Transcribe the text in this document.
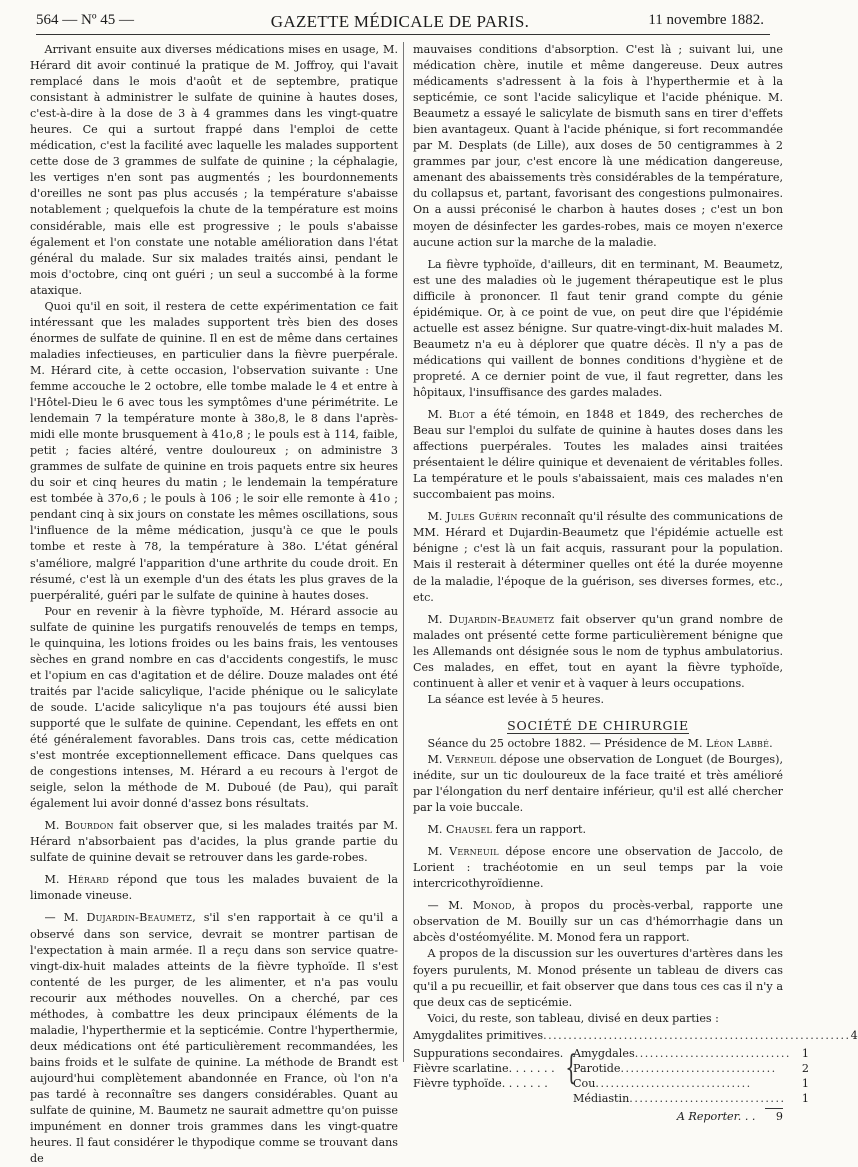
564 — Nº 45 —	GAZETTE MÉDICALE DE PARIS.	11 novembre 1882.

Arrivant ensuite aux diverses médications mises en usage, M. Hérard dit avoir continué la pratique de M. Joffroy, qui l'avait remplacé dans le mois d'août et de septembre, pratique consistant à administrer le sulfate de quinine à hautes doses, c'est-à-dire à la dose de 3 à 4 grammes dans les vingt-quatre heures. Ce qui a surtout frappé dans l'emploi de cette médication, c'est la facilité avec laquelle les malades supportent cette dose de 3 grammes de sulfate de quinine ; la céphalagie, les vertiges n'en sont pas augmentés ; les bourdonnements d'oreilles ne sont pas plus accusés ; la température s'abaisse notablement ; quelquefois la chute de la température est moins considérable, mais elle est progressive ; le pouls s'abaisse également et l'on constate une notable amélioration dans l'état général du malade. Sur six malades traités ainsi, pendant le mois d'octobre, cinq ont guéri ; un seul a succombé à la forme ataxique.

Quoi qu'il en soit, il restera de cette expérimentation ce fait intéressant que les malades supportent très bien des doses énormes de sulfate de quinine. Il en est de même dans certaines maladies infectieuses, en particulier dans la fièvre puerpérale. M. Hérard cite, à cette occasion, l'observation suivante : Une femme accouche le 2 octobre, elle tombe malade le 4 et entre à l'Hôtel-Dieu le 6 avec tous les symptômes d'une périmétrite. Le lendemain 7 la température monte à 38o,8, le 8 dans l'après-midi elle monte brusquement à 41o,8 ; le pouls est à 114, faible, petit ; facies altéré, ventre douloureux ; on administre 3 grammes de sulfate de quinine en trois paquets entre six heures du soir et cinq heures du matin ; le lendemain la température est tombée à 37o,6 ; le pouls à 106 ; le soir elle remonte à 41o ; pendant cinq à six jours on constate les mêmes oscillations, sous l'influence de la même médication, jusqu'à ce que le pouls tombe et reste à 78, la température à 38o. L'état général s'améliore, malgré l'apparition d'une arthrite du coude droit. En résumé, c'est là un exemple d'un des états les plus graves de la puerpéralité, guéri par le sulfate de quinine à hautes doses.

Pour en revenir à la fièvre typhoïde, M. Hérard associe au sulfate de quinine les purgatifs renouvelés de temps en temps, le quinquina, les lotions froides ou les bains frais, les ventouses sèches en grand nombre en cas d'accidents congestifs, le musc et l'opium en cas d'agitation et de délire. Douze malades ont été traités par l'acide salicylique, l'acide phénique ou le salicylate de soude. L'acide salicylique n'a pas toujours été aussi bien supporté que le sulfate de quinine. Cependant, les effets en ont été généralement favorables. Dans trois cas, cette médication s'est montrée exceptionnellement efficace. Dans quelques cas de congestions intenses, M. Hérard a eu recours à l'ergot de seigle, selon la méthode de M. Duboué (de Pau), qui paraît également lui avoir donné d'assez bons résultats.

M. Bourdon fait observer que, si les malades traités par M. Hérard n'absorbaient pas d'acides, la plus grande partie du sulfate de quinine devait se retrouver dans les garde-robes.

M. Hérard répond que tous les malades buvaient de la limonade vineuse.

— M. Dujardin-Beaumetz, s'il s'en rapportait à ce qu'il a observé dans son service, devrait se montrer partisan de l'expectation à main armée. Il a reçu dans son service quatre-vingt-dix-huit malades atteints de la fièvre typhoïde. Il s'est contenté de les purger, de les alimenter, et n'a pas voulu recourir aux méthodes nouvelles. On a cherché, par ces méthodes, à combattre les deux principaux éléments de la maladie, l'hyperthermie et la septicémie. Contre l'hyperthermie, deux médications ont été particulièrement recommandées, les bains froids et le sulfate de quinine. La méthode de Brandt est aujourd'hui complètement abandonnée en France, où l'on n'a pas tardé à reconnaître ses dangers considérables. Quant au sulfate de quinine, M. Baumetz ne saurait admettre qu'on puisse impunément en donner trois grammes dans les vingt-quatre heures. Il faut considérer le thypodique comme se trouvant dans de

mauvaises conditions d'absorption. C'est là ; suivant lui, une médication chère, inutile et même dangereuse. Deux autres médicaments s'adressent à la fois à l'hyperthermie et à la septicémie, ce sont l'acide salicylique et l'acide phénique. M. Beaumetz a essayé le salicylate de bismuth sans en tirer d'effets bien avantageux. Quant à l'acide phénique, si fort recommandée par M. Desplats (de Lille), aux doses de 50 centigrammes à 2 grammes par jour, c'est encore là une médication dangereuse, amenant des abaissements très considérables de la température, du collapsus et, partant, favorisant des congestions pulmonaires. On a aussi préconisé le charbon à hautes doses ; c'est un bon moyen de désinfecter les gardes-robes, mais ce moyen n'exerce aucune action sur la marche de la maladie.

La fièvre typhoïde, d'ailleurs, dit en terminant, M. Beaumetz, est une des maladies où le jugement thérapeutique est le plus difficile à prononcer. Il faut tenir grand compte du génie épidémique. Or, à ce point de vue, on peut dire que l'épidémie actuelle est assez bénigne. Sur quatre-vingt-dix-huit malades M. Beaumetz n'a eu à déplorer que quatre décès. Il n'y a pas de médications qui vaillent de bonnes conditions d'hygiène et de propreté. A ce dernier point de vue, il faut regretter, dans les hôpitaux, l'insuffisance des gardes malades.

M. Blot a été témoin, en 1848 et 1849, des recherches de Beau sur l'emploi du sulfate de quinine à hautes doses dans les affections puerpérales. Toutes les malades ainsi traitées présentaient le délire quinique et devenaient de véritables folles. La température et le pouls s'abaissaient, mais ces malades n'en succombaient pas moins.

M. Jules Guérin reconnaît qu'il résulte des communications de MM. Hérard et Dujardin-Beaumetz que l'épidémie actuelle est bénigne ; c'est là un fait acquis, rassurant pour la population. Mais il resterait à déterminer quelles ont été la durée moyenne de la maladie, l'époque de la guérison, ses diverses formes, etc., etc.

M. Dujardin-Beaumetz fait observer qu'un grand nombre de malades ont présenté cette forme particulièrement bénigne que les Allemands ont désignée sous le nom de typhus ambulatorius. Ces malades, en effet, tout en ayant la fièvre typhoïde, continuent à aller et venir et à vaquer à leurs occupations.

La séance est levée à 5 heures.

SOCIÉTÉ DE CHIRURGIE

Séance du 25 octobre 1882. — Présidence de M. Léon Labbé.

M. Verneuil dépose une observation de Longuet (de Bourges), inédite, sur un tic douloureux de la face traité et très amélioré par l'élongation du nerf dentaire inférieur, qu'il est allé chercher par la voie buccale.

M. Chausel fera un rapport.

M. Verneuil dépose encore une observation de Jaccolo, de Lorient : trachéotomie en un seul temps par la voie intercricothyroïdienne.

— M. Monod, à propos du procès-verbal, rapporte une observation de M. Bouilly sur un cas d'hémorrhagie dans un abcès d'ostéomyélite. M. Monod fera un rapport.

A propos de la discussion sur les ouvertures d'artères dans les foyers purulents, M. Monod présente un tableau de divers cas qu'il a pu recueillir, et fait observer que dans tous ces cas il n'y a que deux cas de septicémie.

Voici, du reste, son tableau, divisé en deux parties :

Amygdalites primitives ............................................................. 4
Suppurations secondaires.
Fièvre scarlatine. . . . . . .
Fièvre typhoïde. . . . . . . {
Amygdales ............................... 1
Parotide ...............................	2
Cou ...............................	1
Médiastin ...............................	1
A Reporter. . . 9
